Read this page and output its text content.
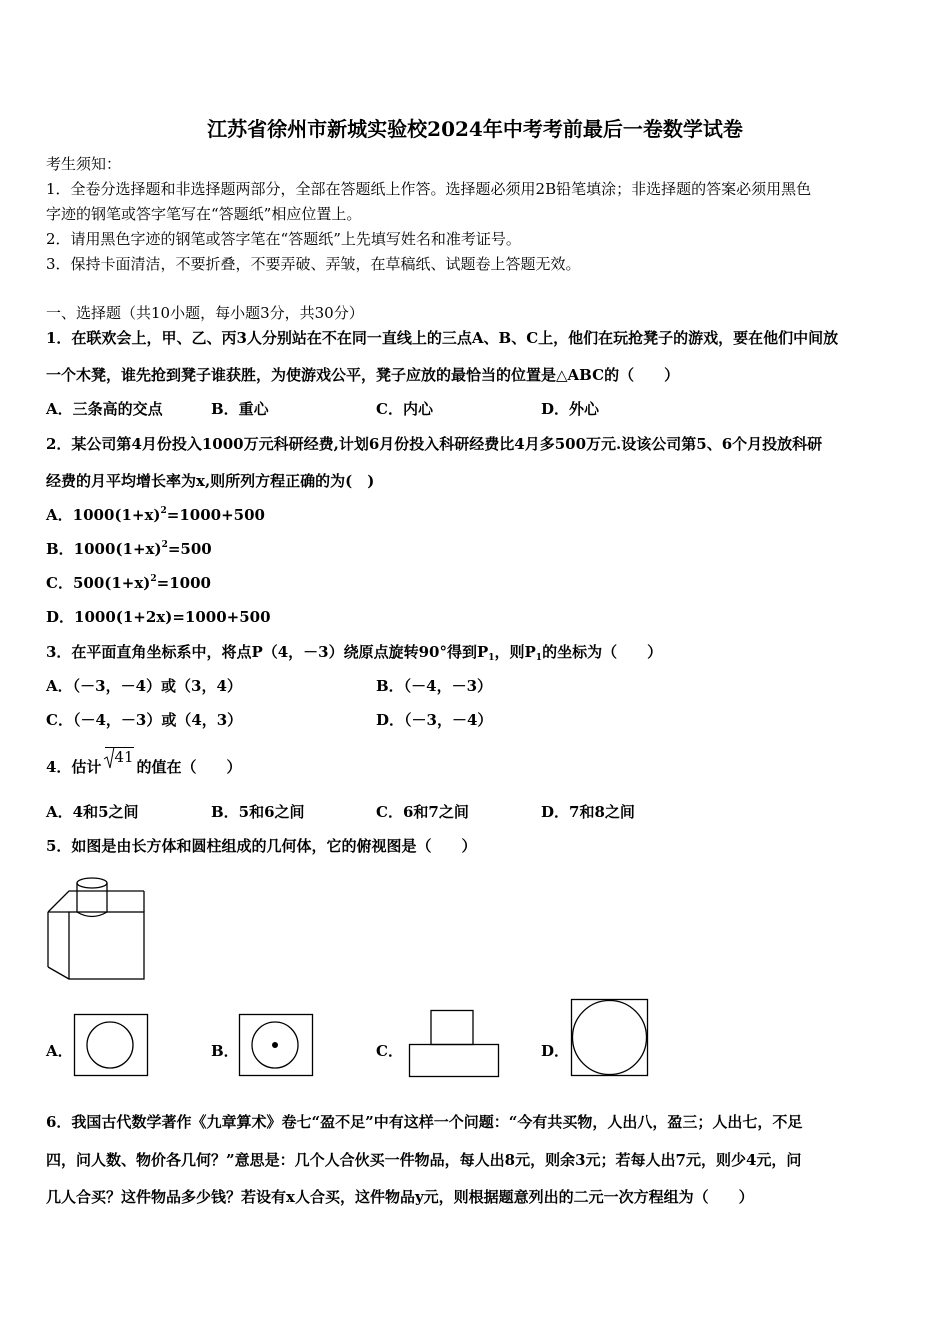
江苏省徐州市新城实验校2024年中考考前最后一卷数学试卷
考生须知：
1．全卷分选择题和非选择题两部分，全部在答题纸上作答。选择题必须用2B铅笔填涂；非选择题的答案必须用黑色
字迹的钢笔或答字笔写在“答题纸”相应位置上。
2．请用黑色字迹的钢笔或答字笔在“答题纸”上先填写姓名和准考证号。
3．保持卡面清洁，不要折叠，不要弄破、弄皱，在草稿纸、试题卷上答题无效。
一、选择题（共10小题，每小题3分，共30分）
1．在联欢会上，甲、乙、丙3人分别站在不在同一直线上的三点A、B、C上，他们在玩抢凳子的游戏，要在他们中间放
一个木凳，谁先抢到凳子谁获胜，为使游戏公平，凳子应放的最恰当的位置是△ABC的（　　）
A．三条高的交点	B．重心	C．内心	D．外心
2．某公司第4月份投入1000万元科研经费,计划6月份投入科研经费比4月多500万元.设该公司第5、6个月投放科研
经费的月平均增长率为x,则所列方程正确的为(　)
A．$1000(1+x)^2=1000+500$
B．$1000(1+x)^2=500$
C．$500(1+x)^2=1000$
D．1000(1+2x)=1000+500
3．在平面直角坐标系中，将点P（4，－3）绕原点旋转90°得到$P_1$，则$P_1$的坐标为（　　）
A．（－3，－4）或（3，4）	B．（－4，－3）
C．（－4，－3）或（4，3）	D．（－3，－4）
4．估计
41的值在（　　）
A．4和5之间	B．5和6之间	C．6和7之间	D．7和8之间
5．如图是由长方体和圆柱组成的几何体，它的俯视图是（　　）
A．	B．	C．	D．
6．我国古代数学著作《九章算术》卷七“盈不足”中有这样一个问题：“今有共买物，人出八，盈三；人出七，不足
四，问人数、物价各几何？”意思是：几个人合伙买一件物品，每人出8元，则余3元；若每人出7元，则少4元，问
几人合买？这件物品多少钱？若设有x人合买，这件物品y元，则根据题意列出的二元一次方程组为（　　）
